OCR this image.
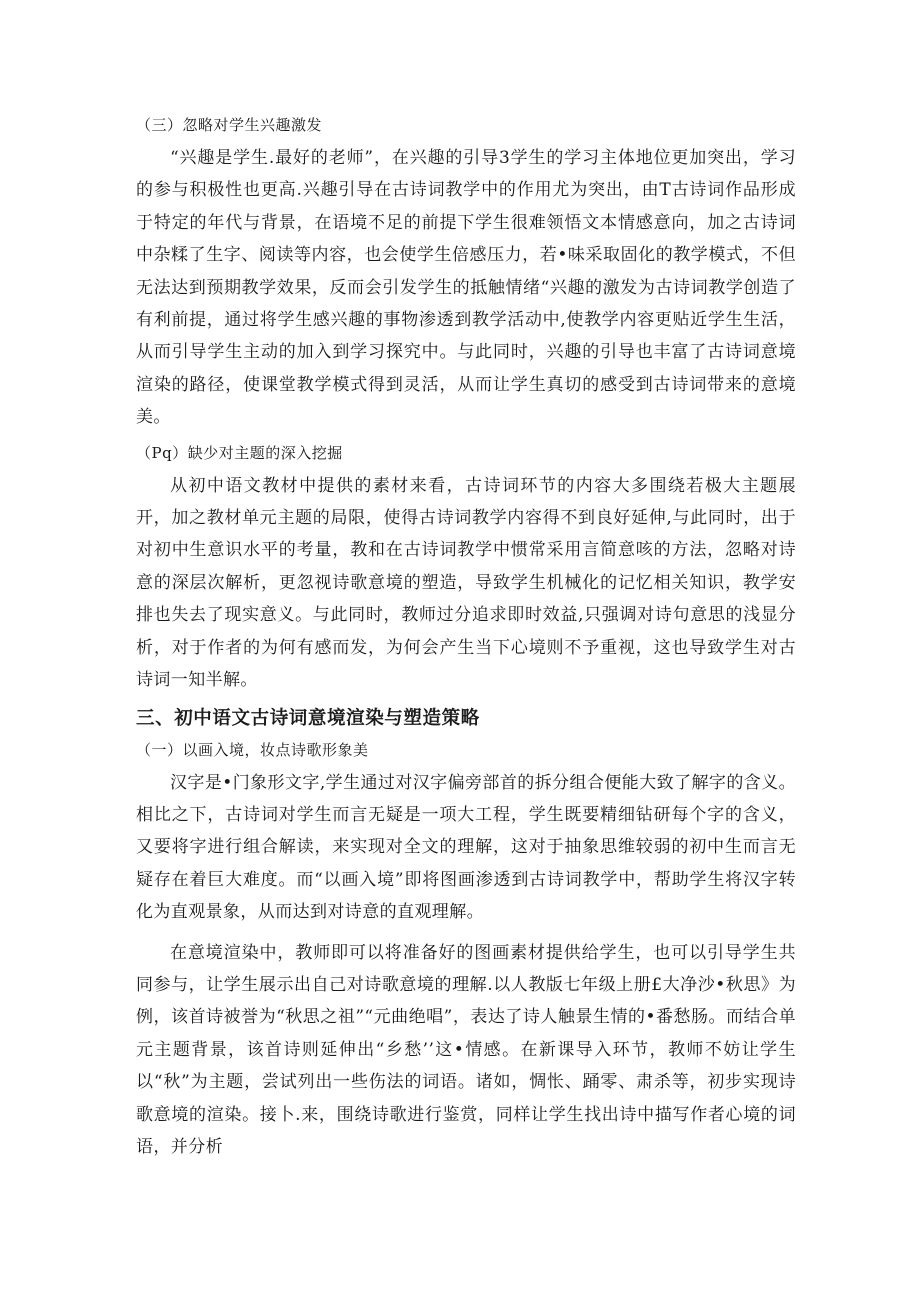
（三）忽略对学生兴趣激发

“兴趣是学生.最好的老师”，在兴趣的引导3学生的学习主体地位更加突出，学习的参与积极性也更高.兴趣引导在古诗词教学中的作用尤为突出，由T古诗词作品形成于特定的年代与背景，在语境不足的前提下学生很难领悟文本情感意向，加之古诗词中杂糅了生字、阅读等内容，也会使学生倍感压力，若•味采取固化的教学模式，不但无法达到预期教学效果，反而会引发学生的抵触情绪“兴趣的激发为古诗词教学创造了有利前提，通过将学生感兴趣的事物渗透到教学活动中,使教学内容更贴近学生生活，从而引导学生主动的加入到学习探究中。与此同时，兴趣的引导也丰富了古诗词意境渲染的路径，使课堂教学模式得到灵活，从而让学生真切的感受到古诗词带来的意境美。

（Pq）缺少对主题的深入挖掘

从初中语文教材中提供的素材来看，古诗词环节的内容大多围绕若极大主题展开，加之教材单元主题的局限，使得古诗词教学内容得不到良好延伸,与此同时，出于对初中生意识水平的考量，教和在古诗词教学中惯常采用言简意咳的方法，忽略对诗意的深层次解析，更忽视诗歌意境的塑造，导致学生机械化的记忆相关知识，教学安排也失去了现实意义。与此同时，教师过分追求即时效益,只强调对诗句意思的浅显分析，对于作者的为何有感而发，为何会产生当下心境则不予重视，这也导致学生对古诗词一知半解。

三、初中语文古诗词意境渲染与塑造策略
（一）以画入境，妆点诗歌形象美

汉字是•门象形文字,学生通过对汉字偏旁部首的拆分组合便能大致了解字的含义。相比之下，古诗词对学生而言无疑是一项大工程，学生既要精细钻研每个字的含义，又要将字进行组合解读，来实现对全文的理解，这对于抽象思维较弱的初中生而言无疑存在着巨大难度。而“以画入境”即将图画渗透到古诗词教学中，帮助学生将汉字转化为直观景象，从而达到对诗意的直观理解。

在意境渲染中，教师即可以将准备好的图画素材提供给学生，也可以引导学生共同参与，让学生展示出自己对诗歌意境的理解.以人教版七年级上册£大净沙•秋思》为例，该首诗被誉为“秋思之祖”“元曲绝唱”，表达了诗人触景生情的•番愁肠。而结合单元主题背景，该首诗则延伸出“乡愁’’这•情感。在新课导入环节，教师不妨让学生以“秋”为主题，尝试列出一些伤法的词语。诸如，惆怅、踊零、肃杀等，初步实现诗歌意境的渲染。接卜.来，围绕诗歌进行鉴赏，同样让学生找出诗中描写作者心境的词语，并分析
